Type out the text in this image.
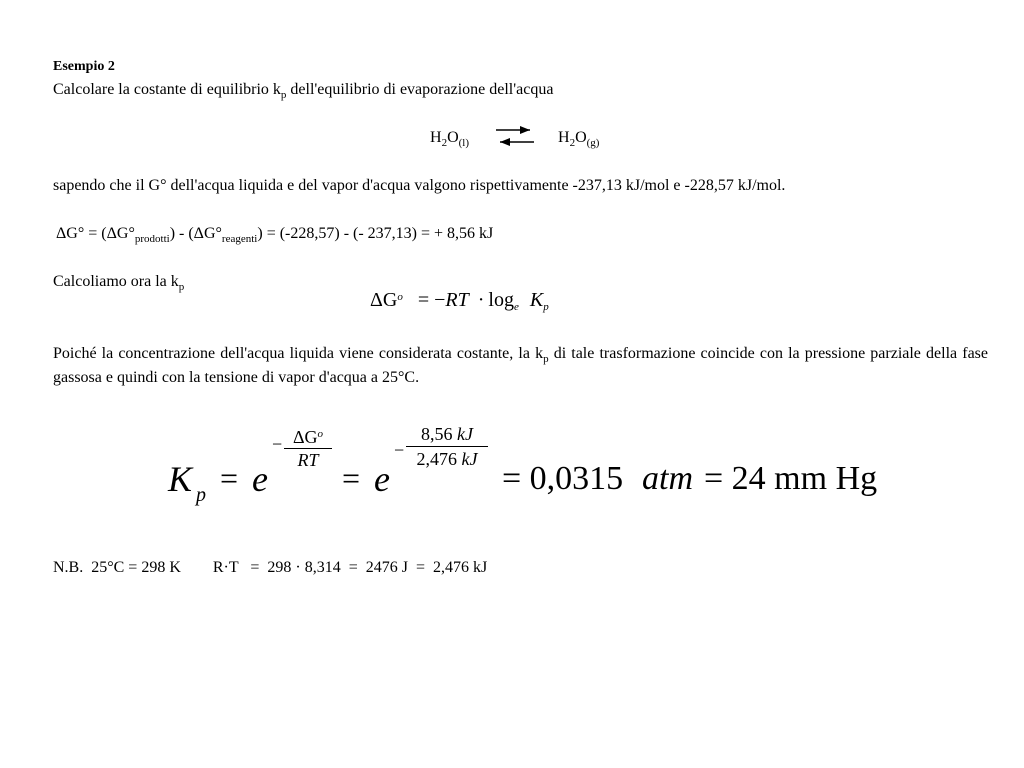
Esempio 2
Calcolare la costante di equilibrio $k_p$ dell'equilibrio di evaporazione dell'acqua
$H_2O_{(l)}$ ⇌ $H_2O_{(g)}$
sapendo che il G° dell'acqua liquida e del vapor d'acqua valgono rispettivamente -237,13 kJ/mol e -228,57 kJ/mol.
$\Delta G^\circ = (\Delta G^\circ_{prodotti}) - (\Delta G^\circ_{reagenti}) = (-228,57)$ - (- 237,13) = + 8,56 kJ
Calcoliamo ora la $k_p$
$\Delta G^o = -RT \cdot \log_e K_p$
Poiché la concentrazione dell'acqua liquida viene considerata costante, la $k_p$ di tale trasformazione coincide con la pressione parziale della fase gassosa e quindi con la tensione di vapor d'acqua a 25°C.
K p = e
− $\Delta G^o$
RT = e
−
8,56 kJ
2,476 kJ
= 0,0315 atm = 24 mm Hg
N.B.  25°C = 298 K        R·T   =  298 · 8,314  =  2476 J  =  2,476 kJ
